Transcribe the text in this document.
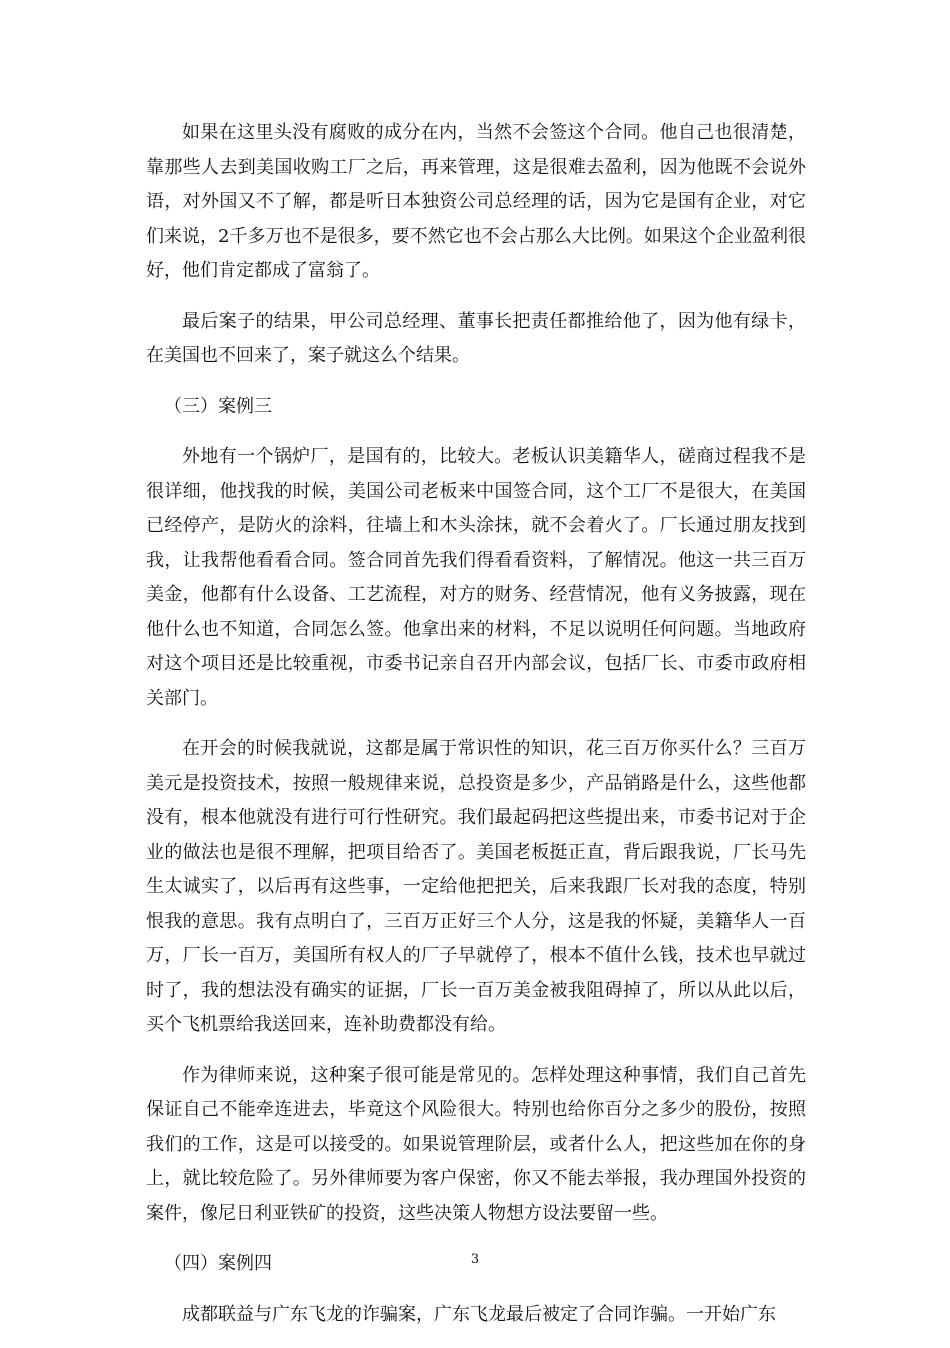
如果在这里头没有腐败的成分在内，当然不会签这个合同。他自己也很清楚，靠那些人去到美国收购工厂之后，再来管理，这是很难去盈利，因为他既不会说外语，对外国又不了解，都是听日本独资公司总经理的话，因为它是国有企业，对它们来说，2千多万也不是很多，要不然它也不会占那么大比例。如果这个企业盈利很好，他们肯定都成了富翁了。

最后案子的结果，甲公司总经理、董事长把责任都推给他了，因为他有绿卡，在美国也不回来了，案子就这么个结果。

（三）案例三

外地有一个锅炉厂，是国有的，比较大。老板认识美籍华人，磋商过程我不是很详细，他找我的时候，美国公司老板来中国签合同，这个工厂不是很大，在美国已经停产，是防火的涂料，往墙上和木头涂抹，就不会着火了。厂长通过朋友找到我，让我帮他看看合同。签合同首先我们得看看资料，了解情况。他这一共三百万美金，他都有什么设备、工艺流程，对方的财务、经营情况，他有义务披露，现在他什么也不知道，合同怎么签。他拿出来的材料，不足以说明任何问题。当地政府对这个项目还是比较重视，市委书记亲自召开内部会议，包括厂长、市委市政府相关部门。

在开会的时候我就说，这都是属于常识性的知识，花三百万你买什么？三百万美元是投资技术，按照一般规律来说，总投资是多少，产品销路是什么，这些他都没有，根本他就没有进行可行性研究。我们最起码把这些提出来，市委书记对于企业的做法也是很不理解，把项目给否了。美国老板挺正直，背后跟我说，厂长马先生太诚实了，以后再有这些事，一定给他把把关，后来我跟厂长对我的态度，特别恨我的意思。我有点明白了，三百万正好三个人分，这是我的怀疑，美籍华人一百万，厂长一百万，美国所有权人的厂子早就停了，根本不值什么钱，技术也早就过时了，我的想法没有确实的证据，厂长一百万美金被我阻碍掉了，所以从此以后，买个飞机票给我送回来，连补助费都没有给。

作为律师来说，这种案子很可能是常见的。怎样处理这种事情，我们自己首先保证自己不能牵连进去，毕竟这个风险很大。特别也给你百分之多少的股份，按照我们的工作，这是可以接受的。如果说管理阶层，或者什么人，把这些加在你的身上，就比较危险了。另外律师要为客户保密，你又不能去举报，我办理国外投资的案件，像尼日利亚铁矿的投资，这些决策人物想方设法要留一些。

（四）案例四

成都联益与广东飞龙的诈骗案，广东飞龙最后被定了合同诈骗。一开始广东

3
